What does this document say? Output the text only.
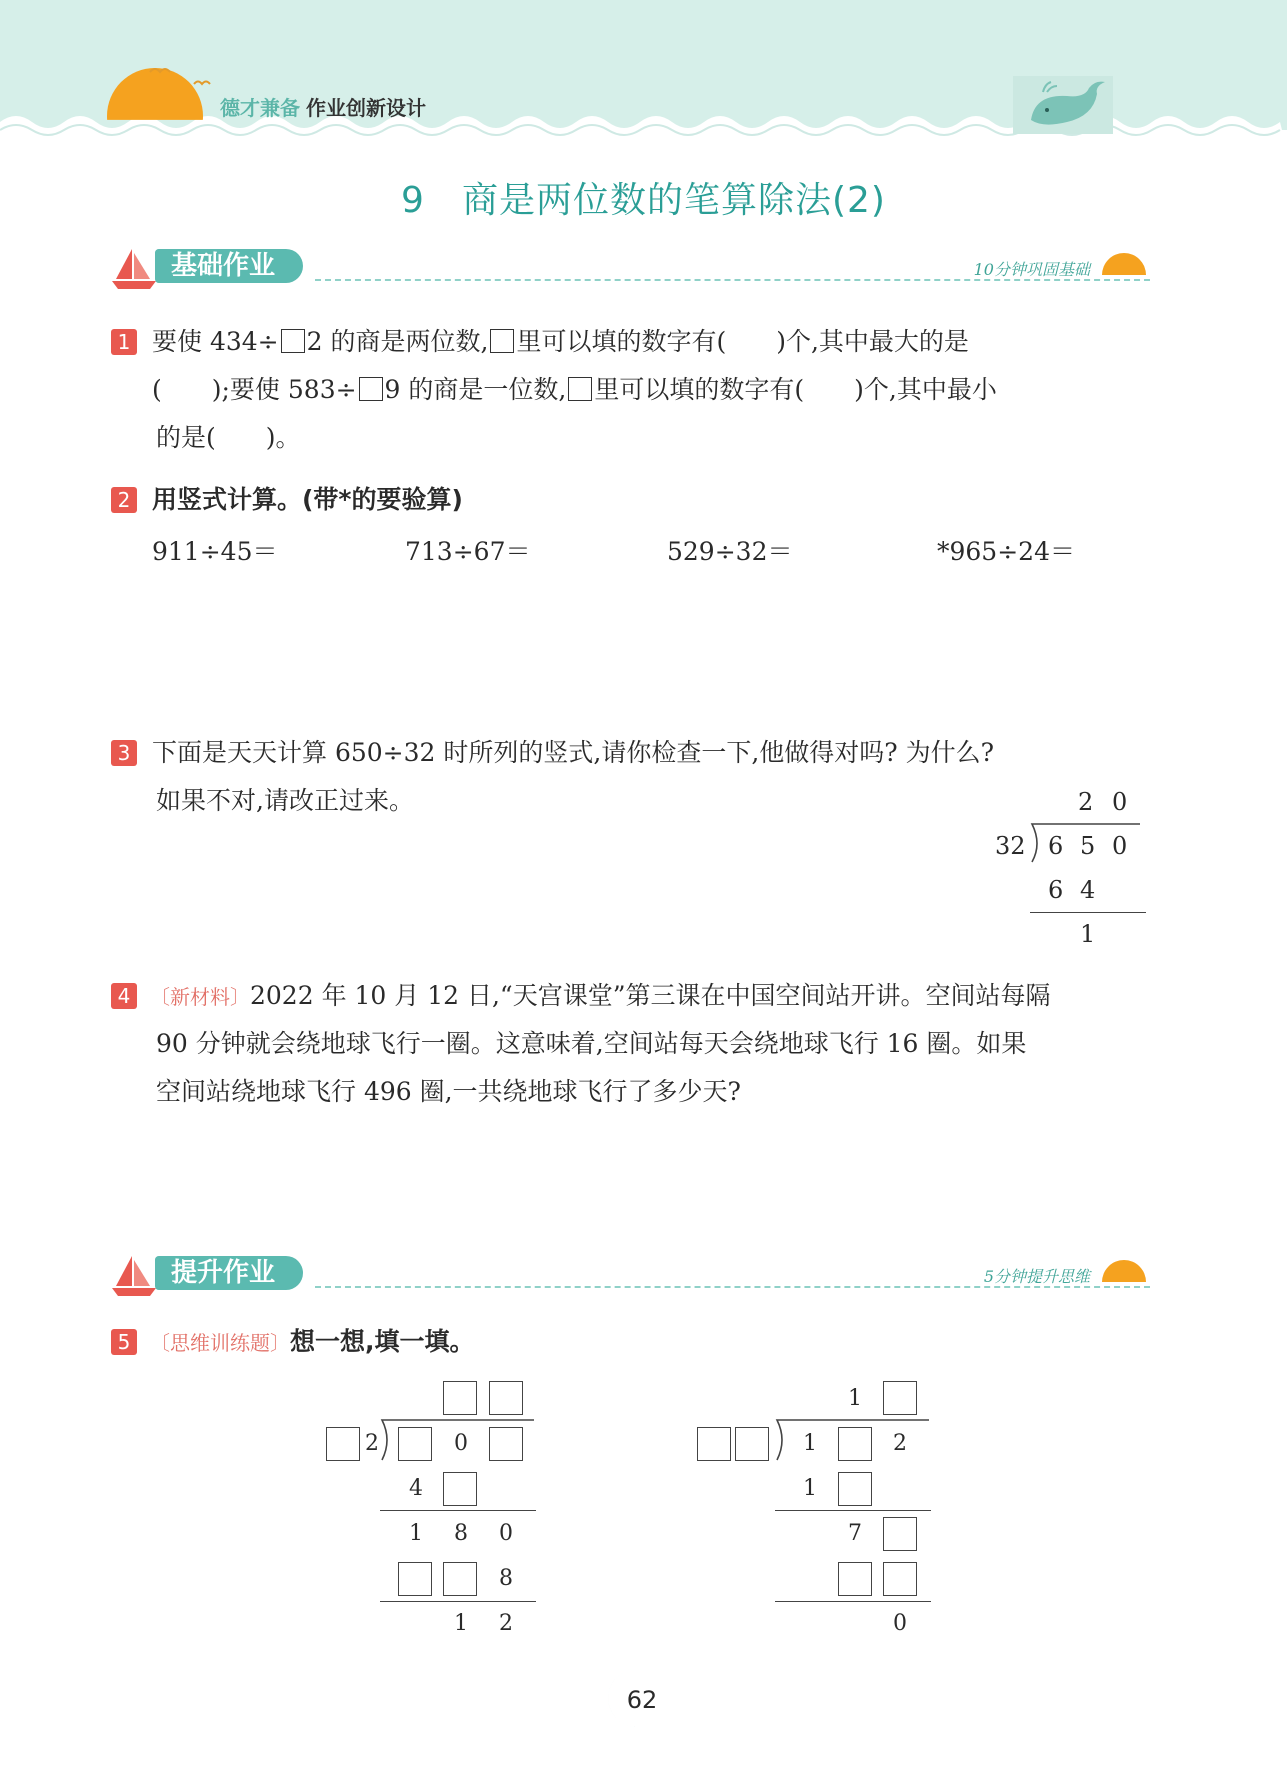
德才兼备 作业创新设计
9　商是两位数的笔算除法(2)
基础作业	10分钟巩固基础
1 要使 434÷ 2 的商是两位数, 里可以填的数字有(　　)个,其中最大的是
(　　);要使 583÷ 9 的商是一位数, 里可以填的数字有(　　)个,其中最小
的是(　　)。
2 用竖式计算。(带*的要验算)
911÷45＝	713÷67＝	529÷32＝	*965÷24＝
3 下面是天天计算 650÷32 时所列的竖式,请你检查一下,他做得对吗? 为什么?
如果不对,请改正过来。	2 0
32 6 5 0
6 4
1
4 〔新材料〕2022 年 10 月 12 日,“天宫课堂”第三课在中国空间站开讲。空间站每隔
90 分钟就会绕地球飞行一圈。这意味着,空间站每天会绕地球飞行 16 圈。如果
空间站绕地球飞行 496 圈,一共绕地球飞行了多少天?
提升作业	5分钟提升思维
5 〔思维训练题〕想一想,填一填。
2	0
4
1	8	0
8
1	2
1
1	2
1
7
0
62
